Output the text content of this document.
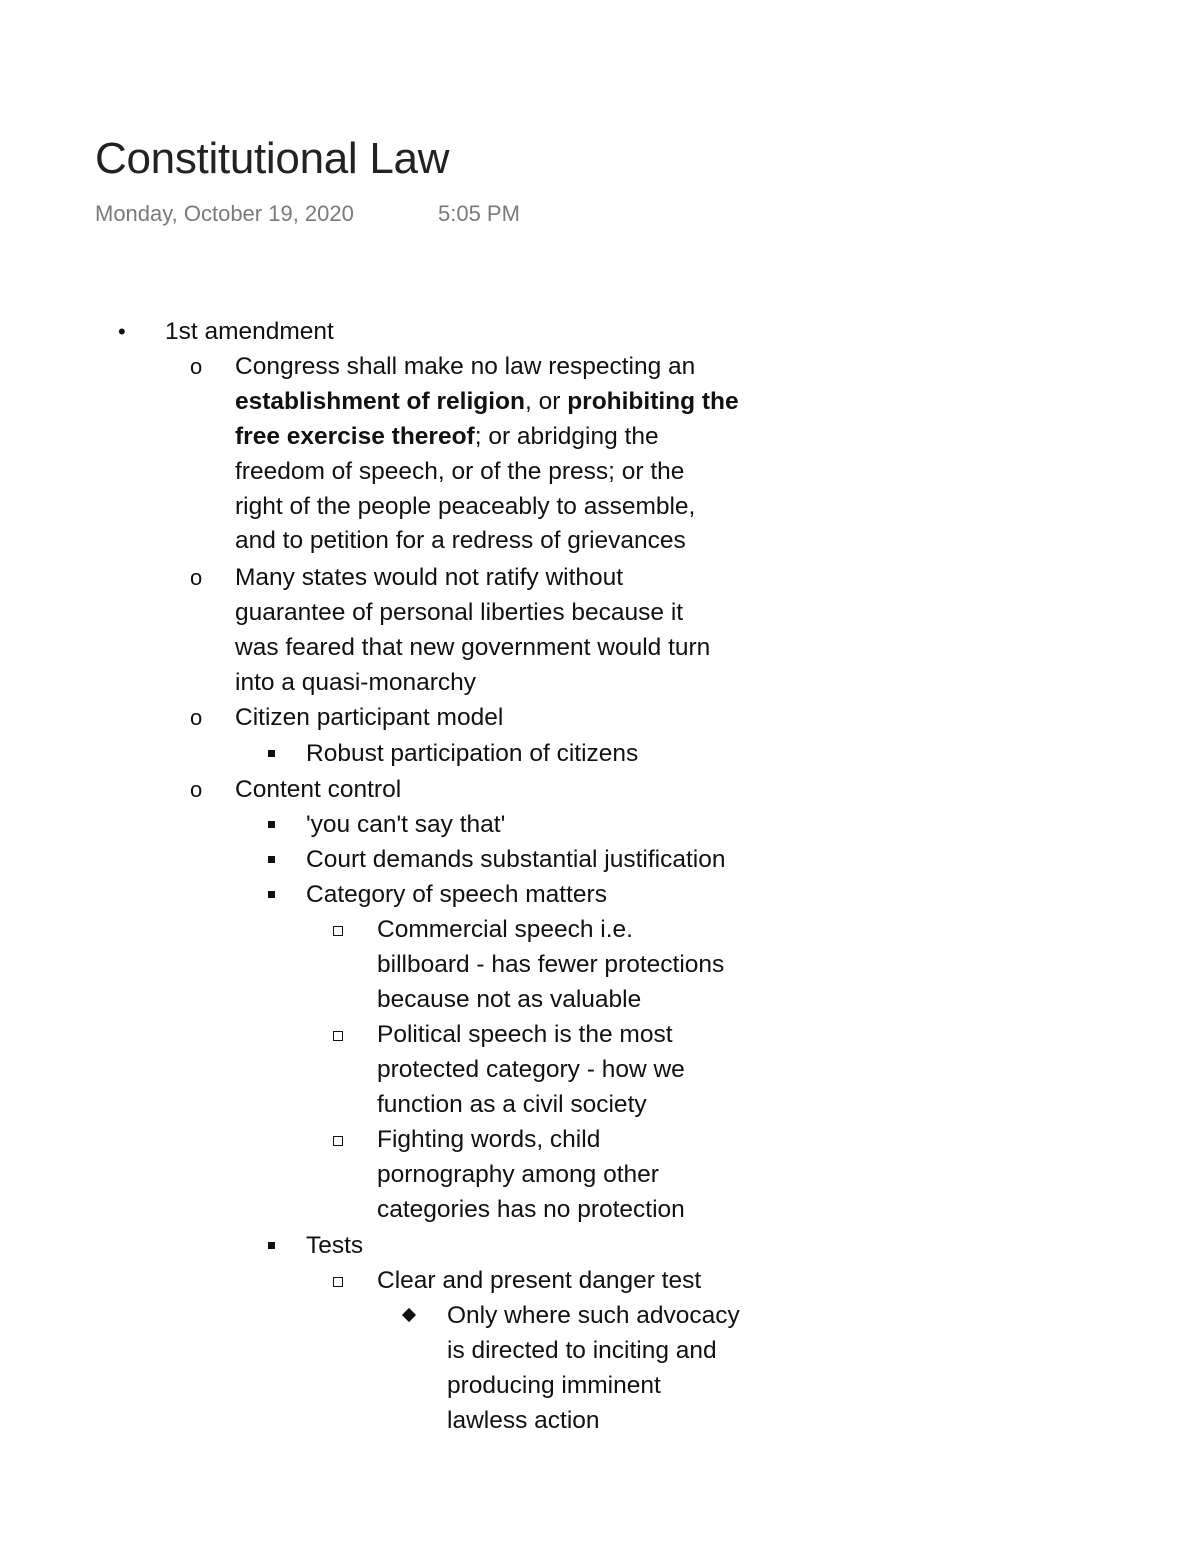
Constitutional Law
Monday, October 19, 2020	5:05 PM
• 1st amendment
o Congress shall make no law respecting an
establishment of religion, or prohibiting the
free exercise thereof; or abridging the
freedom of speech, or of the press; or the
right of the people peaceably to assemble,
and to petition for a redress of grievances
o Many states would not ratify without
guarantee of personal liberties because it
was feared that new government would turn
into a quasi-monarchy
o Citizen participant model
Robust participation of citizens
o Content control
'you can't say that'
Court demands substantial justification
Category of speech matters
Commercial speech i.e.
billboard - has fewer protections
because not as valuable
Political speech is the most
protected category - how we
function as a civil society
Fighting words, child
pornography among other
categories has no protection
Tests
Clear and present danger test
Only where such advocacy
is directed to inciting and
producing imminent
lawless action
